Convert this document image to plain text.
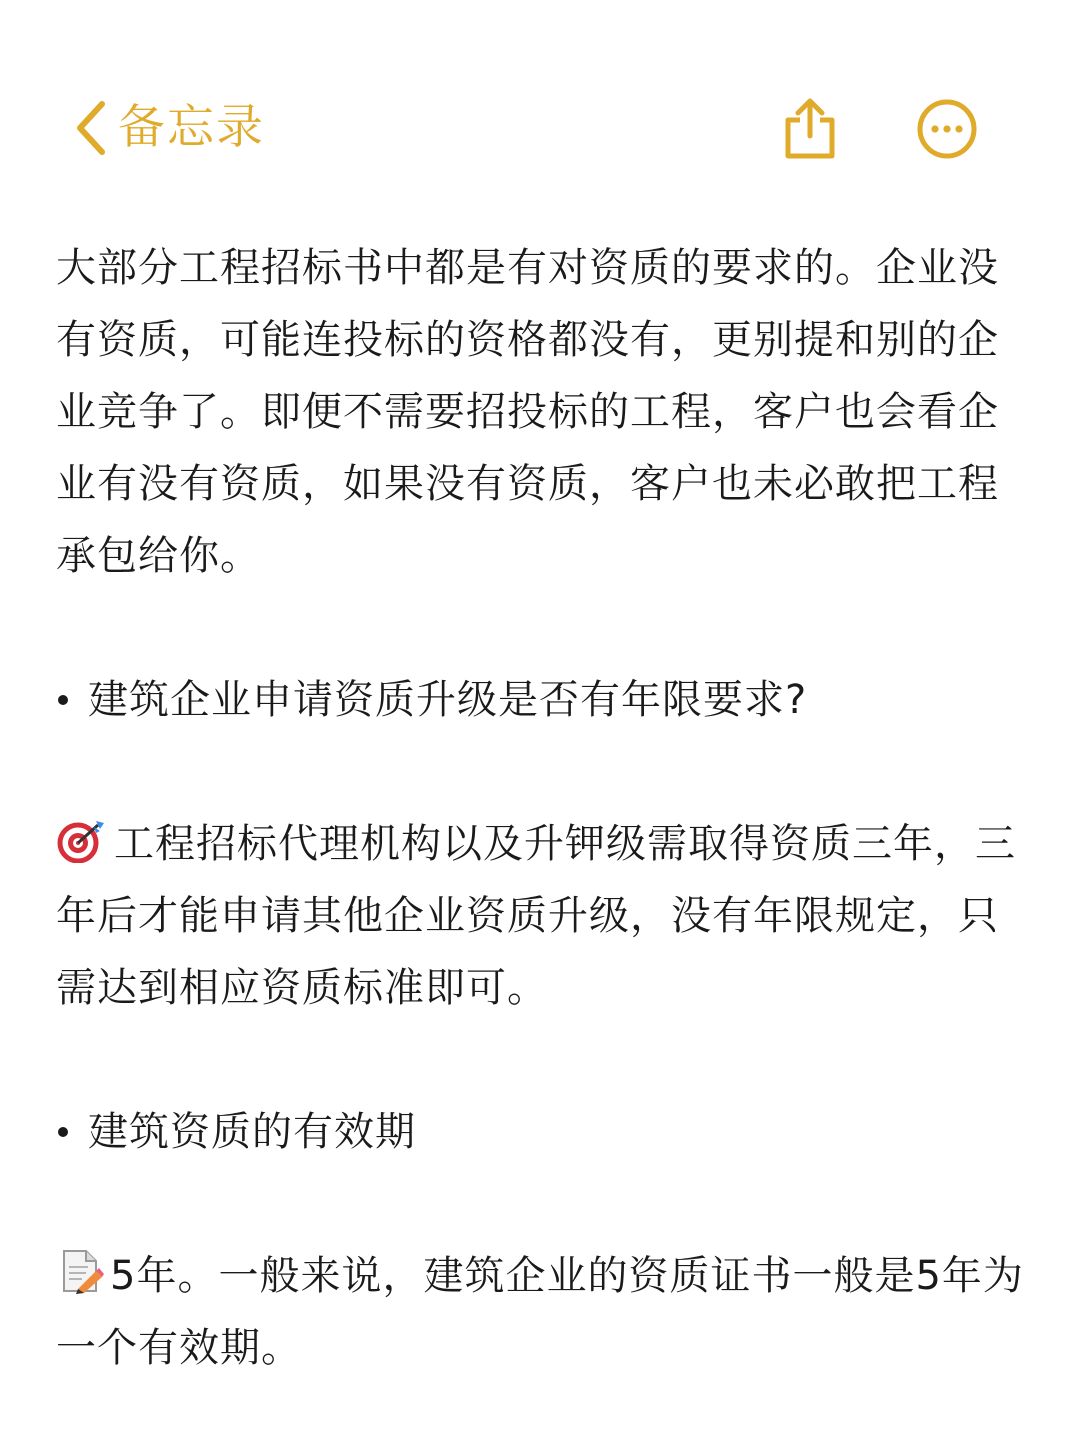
备忘录

大部分工程招标书中都是有对资质的要求的。企业没有资质，可能连投标的资格都没有，更别提和别的企业竞争了。即便不需要招投标的工程，客户也会看企业有没有资质，如果没有资质，客户也未必敢把工程承包给你。

建筑企业申请资质升级是否有年限要求?

工程招标代理机构以及升钾级需取得资质三年，三年后才能申请其他企业资质升级，没有年限规定，只需达到相应资质标准即可。

建筑资质的有效期

5年。一般来说，建筑企业的资质证书一般是5年为一个有效期。
